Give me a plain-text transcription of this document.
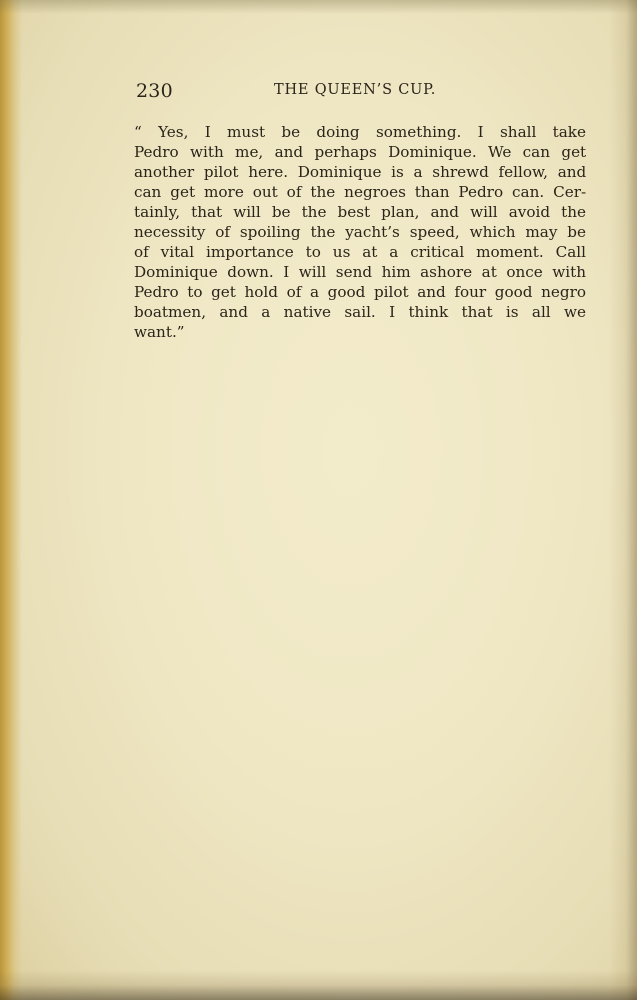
230	THE QUEEN’S CUP.
“ Yes, I must be doing something. I shall take
Pedro with me, and perhaps Dominique. We can get
another pilot here. Dominique is a shrewd fellow, and
can get more out of the negroes than Pedro can. Cer-
tainly, that will be the best plan, and will avoid the
necessity of spoiling the yacht’s speed, which may be
of vital importance to us at a critical moment. Call
Dominique down. I will send him ashore at once with
Pedro to get hold of a good pilot and four good negro
boatmen, and a native sail. I think that is all we
want.”
